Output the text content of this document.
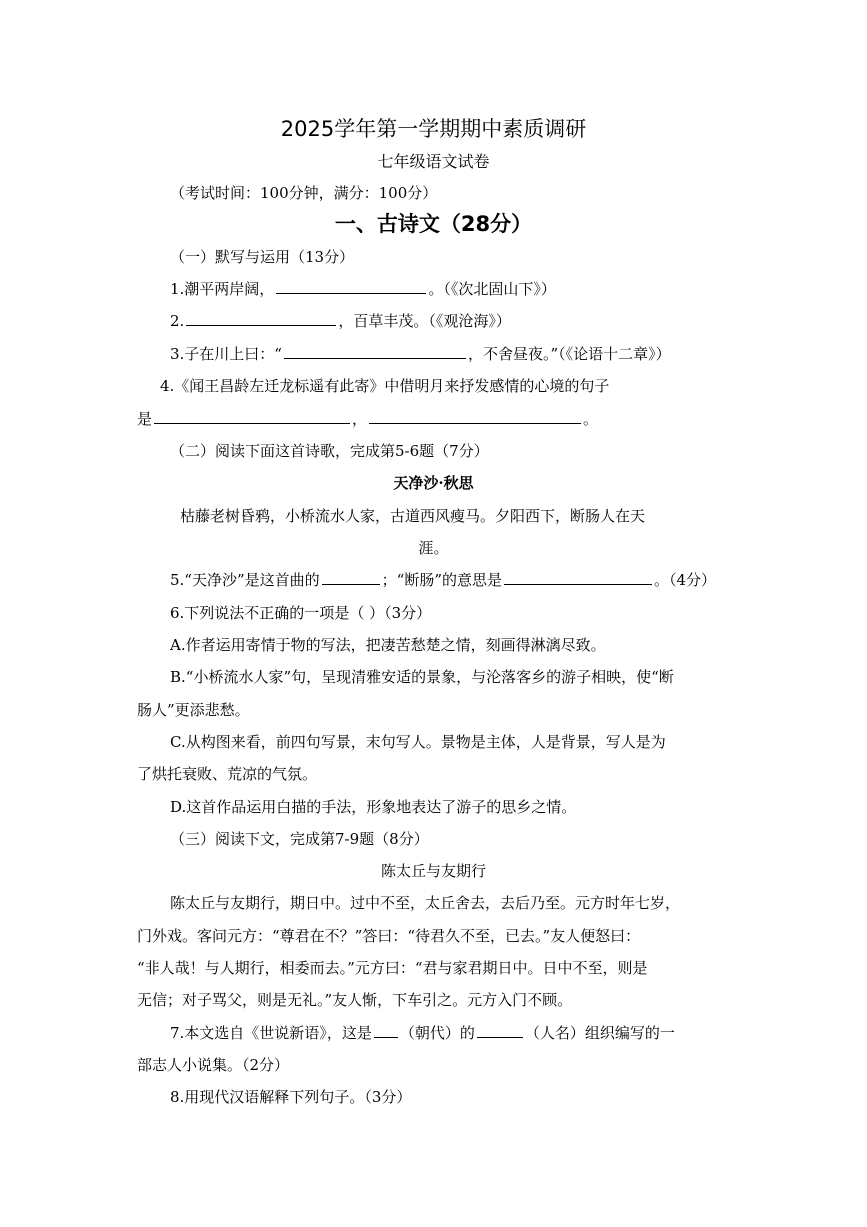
2025学年第一学期期中素质调研
七年级语文试卷
（考试时间：100分钟，满分：100分）
一、古诗文（28分）
（一）默写与运用（13分）
1.潮平两岸阔，	。（《次北固山下》）
2.	，百草丰茂。（《观沧海》）
3.子在川上曰：“	，不舍昼夜。”（《论语十二章》）
4.《闻王昌龄左迁龙标遥有此寄》中借明月来抒发感情的心境的句子
是	，	。
（二）阅读下面这首诗歌，完成第5-6题（7分）
天净沙·秋思
枯藤老树昏鸦，小桥流水人家，古道西风瘦马。夕阳西下，断肠人在天
涯。
5.“天净沙”是这首曲的	；“断肠”的意思是	。（4分）
6.下列说法不正确的一项是（ ）（3分）
A.作者运用寄情于物的写法，把凄苦愁楚之情，刻画得淋漓尽致。
B.“小桥流水人家”句，呈现清雅安适的景象，与沦落客乡的游子相映，使“断
肠人”更添悲愁。
C.从构图来看，前四句写景，末句写人。景物是主体，人是背景，写人是为
了烘托衰败、荒凉的气氛。
D.这首作品运用白描的手法，形象地表达了游子的思乡之情。
（三）阅读下文，完成第7-9题（8分）
陈太丘与友期行
陈太丘与友期行，期日中。过中不至，太丘舍去，去后乃至。元方时年七岁，
门外戏。客问元方：“尊君在不？”答曰：“待君久不至，已去。”友人便怒曰：
“非人哉！与人期行，相委而去。”元方曰：“君与家君期日中。日中不至，则是
无信；对子骂父，则是无礼。”友人惭，下车引之。元方入门不顾。
7.本文选自《世说新语》，这是 （朝代）的	（人名）组织编写的一
部志人小说集。（2分）
8.用现代汉语解释下列句子。（3分）
